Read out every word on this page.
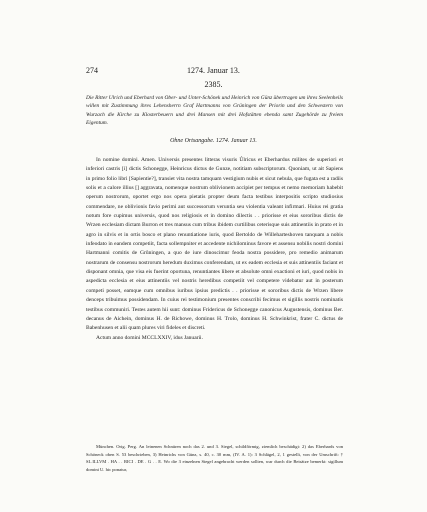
274	1274. Januar 13.
2385.
Die Ritter Ulrich und Eberhard von Ober- und Unter-Schönek und Heinrich von Günz übertragen um ihres Seelenheils willen mit Zustimmung ihres Lehensherrn Graf Hartmanns von Grüningen der Priorin und den Schwestern von Wurzach die Kirche zu Klosterbeuern und drei Mansen mit drei Hofstätten ebenda samt Zugehörde zu freiem Eigentum.
Ohne Ortsangabe. 1274. Januar 13.

In nomine domini. Amen. Universis presentes litteras visuris Ůlricus et Eberhardus milites de superiori et inferiori castris [i] dictis Schonegge, Heinricus dictus de Gunze, notitiam subscriptorum. Quoniam, ut ait Sapiens in primo folio libri [Sapientie?], transiet vita nostra tamquam vestigium nubis et sicut nebula, que fugata est a radiis solis et a calore illius [] aggravata, nomenque nostrum oblivionem accipiet per tempus et nemo memoriam habebit operum nostrorum, oportet ergo nos opera pietatis propter deum facta testibus interpositis scripto studiosius commendare, ne oblivionis favio perimi aut successorum veruntia seu violentia valeant infirmari. Huius rei gratia notum fore cupimus universis, quod nos religiosis et in domino dilectis . . priorisse et eius sororibus dictis de Wrzen ecclesiam dictam Burron et tres mansus cum tribus ibidem curtilibus ceterisque suis attinentiis in prato et in agro in silvis et in ortis bosco et plano renuntiatione iuris, quod Bertoldo de Willeharteshoven tanquam a nobis infeodato in eandem competiit, facta sollempniter et accedente nichilominus favore et assensu nobilis nostri domini Hartmanni comitis de Grůningen, a quo de iure dinoscimur feoda nostra possidere, pro remedio animarum nostrarum de consensu nostrorum heredum duximus conferendam, ut ex eadem ecclesia et suis attinentiis faciant et disponant omnia, que visa eis fuerint oportuna, renuntiantes libere et absolute omni exactioni et iuri, quod nobis in aspedicta ecclesia et eius attinentiis vel nostris heredibus competiit vel competere videbatur aut in posterum competi posset, eamque cum omnibus iuribus ipsius predictis . . priorisse et sororibus dictis de Wrzen libere denceps tribuimus possidendam. In cuius rei testimonium presentes conscribi fecimus et sigillis nostris nominatis testibus communiri. Testes autem hii sunt: dominus Fridericus de Schonegge canonicus Augustensis, dominus Ber. decanus de Aichein, dominus H. de Richowe, dominus H. Trolo, dominus H. Schwinkrist, frater C. dictus de Babenhusen et alii quam plures viri fideles et discreti.

Actum anno domini MCCLXXIV, idus Januarii.

München. Orig. Perg. An leinenen Schnüren noch das 2. und 3. Siegel, schildförmig, ziemlich beschädigt: 2) das Eberhards von Schöneck oben S. 53 beschrieben, 3) Heinrichs von Günz, s. 40, c. 30 mm, (IV. A. 1): 3 Schlägel, 2, 1 gestellt, von der Umschrift: † SI..ILLVM . HA . . RICI . DE . G . . E. Wo die 3 einzelnen Siegel angebracht werden sollten, war durch die Beisätze bemerkt: sigillum domini U. hic ponatur,
